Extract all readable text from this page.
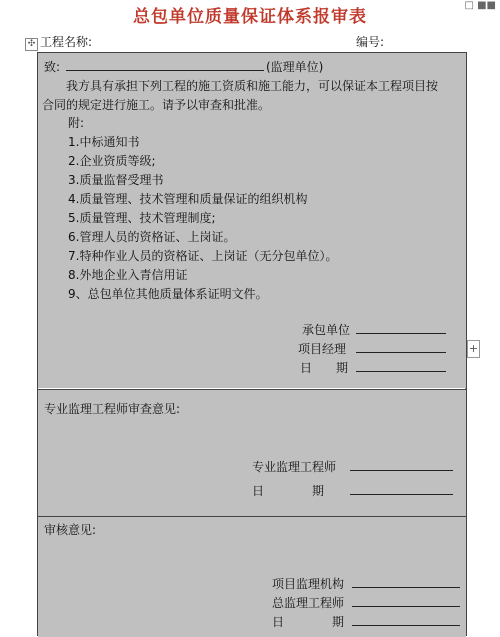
总包单位质量保证体系报审表
□ ■■
工程名称:	编号:
✣
+
致:	(监理单位)
我方具有承担下列工程的施工资质和施工能力，可以保证本工程项目按
合同的规定进行施工。请予以审查和批准。
附:
1.中标通知书
2.企业资质等级;
3.质量监督受理书
4.质量管理、技术管理和质量保证的组织机构
5.质量管理、技术管理制度;
6.管理人员的资格证、上岗证。
7.特种作业人员的资格证、上岗证（无分包单位）。
8.外地企业入青信用证
9、总包单位其他质量体系证明文件。
承包单位
项目经理
日　　期
专业监理工程师审查意见:
专业监理工程师
日　　　　期
审核意见:
项目监理机构
总监理工程师
日　　　　期
